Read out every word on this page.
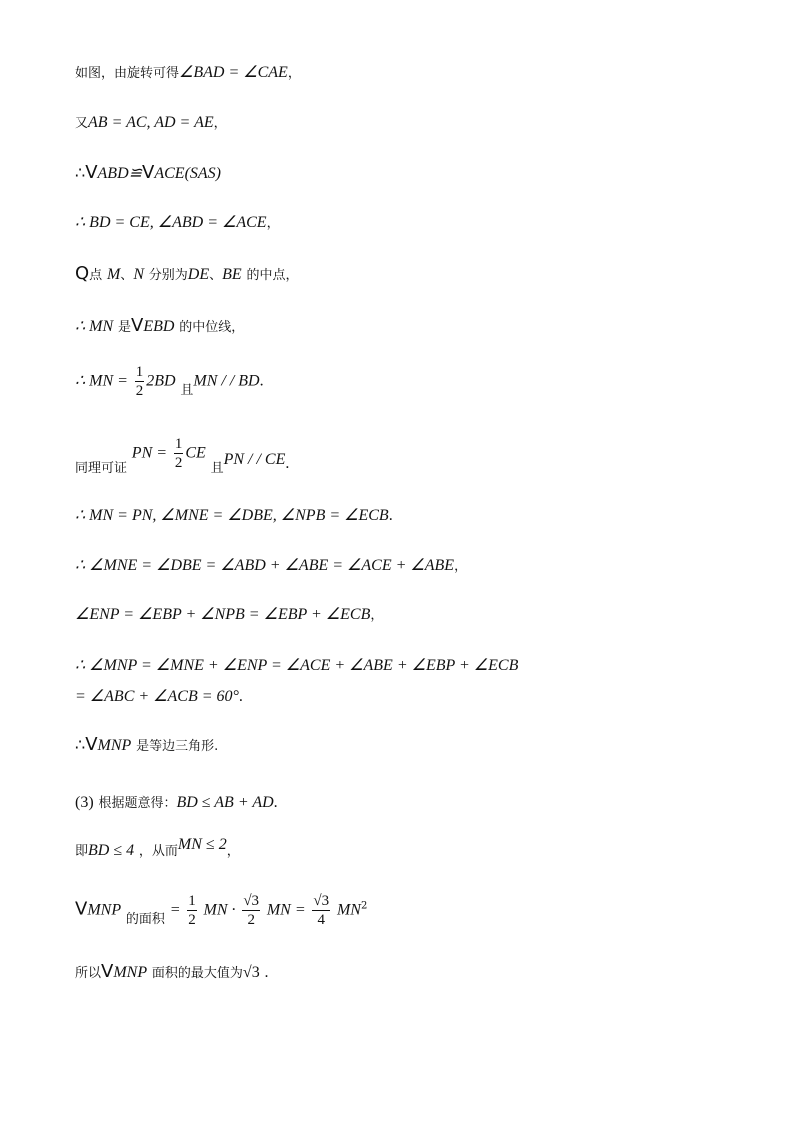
如图，由旋转可得∠BAD = ∠CAE，
又AB = AC, AD = AE，
∴VABD≌VACE(SAS)
∴ BD = CE, ∠ABD = ∠ACE，
Q点 M、N 分别为DE、BE 的中点，
∴ MN 是VEBD 的中位线，
∴ MN = $\frac{1}{2} 2BD$ 且MN / / BD.
同理可证 PN = $\frac{1}{2}$ CE 且PN / / CE.
∴ MN = PN, ∠MNE = ∠DBE, ∠NPB = ∠ECB.
∴ ∠MNE = ∠DBE = ∠ABD + ∠ABE = ∠ACE + ∠ABE，
∠ENP = ∠EBP + ∠NPB = ∠EBP + ∠ECB，
∴ ∠MNP = ∠MNE + ∠ENP = ∠ACE + ∠ABE + ∠EBP + ∠ECB
= ∠ABC + ∠ACB = 60°.
∴VMNP 是等边三角形.
(3) 根据题意得：BD ≤ AB + AD.
即BD ≤ 4 ，从而MN ≤ 2，
VMNP 的面积 = $\frac{1}{2}$ MN · $\frac{√3}{2}$ MN = $\frac{√3}{4} MN^2$
所以VMNP 面积的最大值为√3 .
